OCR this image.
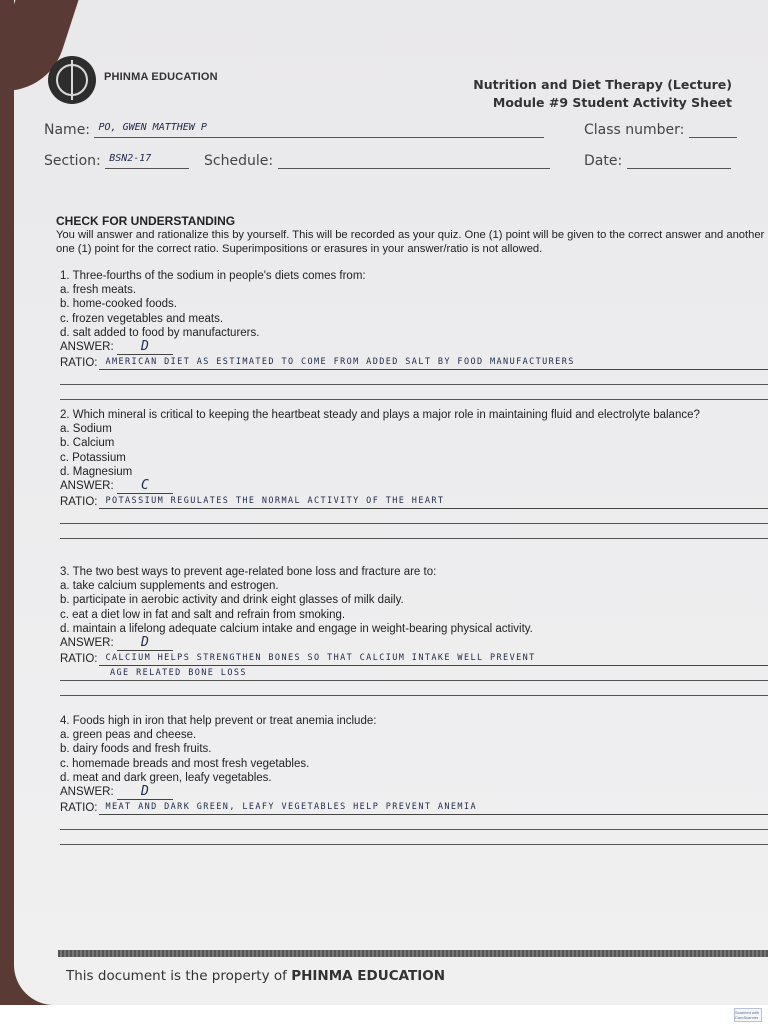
PHINMA EDUCATION

Nutrition and Diet Therapy (Lecture)
Module #9 Student Activity Sheet
Name: PO, GWEN MATTHEW P	Class number:
Section: BSN2-17	Schedule:	Date:
CHECK FOR UNDERSTANDING
You will answer and rationalize this by yourself. This will be recorded as your quiz. One (1) point will be given to the correct answer and another one (1) point for the correct ratio. Superimpositions or erasures in your answer/ratio is not allowed.

1. Three-fourths of the sodium in people's diets comes from:

a. fresh meats.

b. home-cooked foods.

c. frozen vegetables and meats.

d. salt added to food by manufacturers.

ANSWER: D

RATIO: AMERICAN DIET AS ESTIMATED TO COME FROM ADDED SALT BY FOOD MANUFACTURERS

2. Which mineral is critical to keeping the heartbeat steady and plays a major role in maintaining fluid and electrolyte balance?

a. Sodium

b. Calcium

c. Potassium

d. Magnesium

ANSWER: C

RATIO: POTASSIUM REGULATES THE NORMAL ACTIVITY OF THE HEART

3. The two best ways to prevent age-related bone loss and fracture are to:

a. take calcium supplements and estrogen.

b. participate in aerobic activity and drink eight glasses of milk daily.

c. eat a diet low in fat and salt and refrain from smoking.

d. maintain a lifelong adequate calcium intake and engage in weight-bearing physical activity.

ANSWER: D

RATIO: CALCIUM HELPS STRENGTHEN BONES SO THAT CALCIUM INTAKE WELL PREVENT
AGE RELATED BONE LOSS

4. Foods high in iron that help prevent or treat anemia include:

a. green peas and cheese.

b. dairy foods and fresh fruits.

c. homemade breads and most fresh vegetables.

d. meat and dark green, leafy vegetables.

ANSWER: D

RATIO: MEAT AND DARK GREEN, LEAFY VEGETABLES HELP PREVENT ANEMIA
This document is the property of PHINMA EDUCATION
Scanned with CamScanner
